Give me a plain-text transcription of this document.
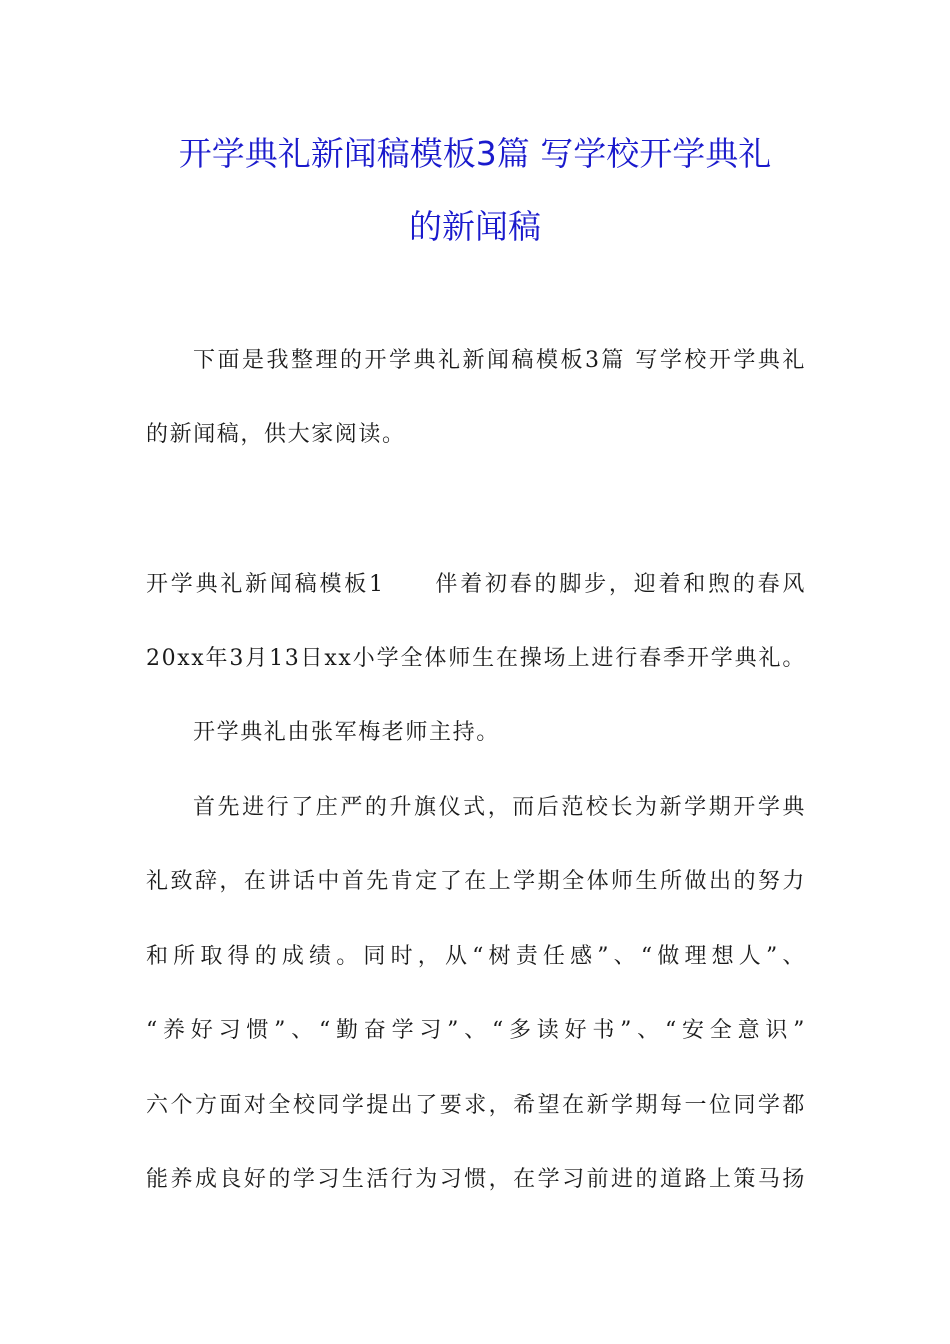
开学典礼新闻稿模板3篇 写学校开学典礼
的新闻稿
下面是我整理的开学典礼新闻稿模板3篇 写学校开学典礼
的新闻稿，供大家阅读。
开学典礼新闻稿模板1　　伴着初春的脚步，迎着和煦的春风
20xx年3月13日xx小学全体师生在操场上进行春季开学典礼。
开学典礼由张军梅老师主持。
首先进行了庄严的升旗仪式，而后范校长为新学期开学典
礼致辞，在讲话中首先肯定了在上学期全体师生所做出的努力
和所取得的成绩。同时，从“树责任感”、“做理想人”、
“养好习惯”、“勤奋学习”、“多读好书”、“安全意识”
六个方面对全校同学提出了要求，希望在新学期每一位同学都
能养成良好的学习生活行为习惯，在学习前进的道路上策马扬
